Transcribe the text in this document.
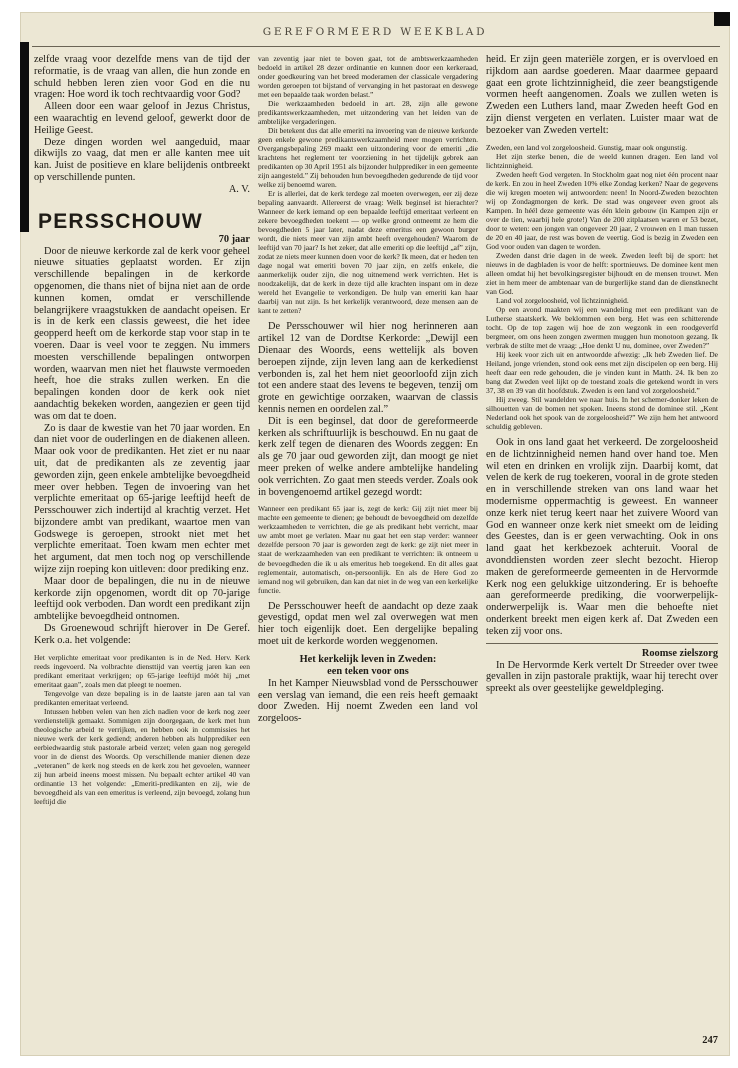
GEREFORMEERD WEEKBLAD

zelfde vraag voor dezelfde mens van de tijd der reformatie, is de vraag van allen, die hun zonde en schuld hebben leren zien voor God en die nu vragen: Hoe word ik toch rechtvaardig voor God?

Alleen door een waar geloof in Jezus Christus, een waarachtig en levend geloof, gewerkt door de Heilige Geest.

Deze dingen worden wel aangeduid, maar dikwijls zo vaag, dat men er alle kanten mee uit kan. Juist de positieve en klare belijdenis ontbreekt op verschillende punten.

A. V.
PERSSCHOUW
70 jaar

Door de nieuwe kerkorde zal de kerk voor geheel nieuwe situaties geplaatst worden. Er zijn verschillende bepalingen in de kerkorde opgenomen, die thans niet of bijna niet aan de orde kunnen komen, omdat er verschillende belangrijkere vraagstukken de aandacht opeisen. Er is in de kerk een classis geweest, die het idee geopperd heeft om de kerkorde stap voor stap in te voeren. Daar is veel voor te zeggen. Nu immers moesten verschillende bepalingen ontworpen worden, waarvan men niet het flauwste vermoeden heeft, hoe die straks zullen werken. En die bepalingen konden door de kerk ook niet aandachtig bekeken worden, aangezien er geen tijd was om dat te doen.

Zo is daar de kwestie van het 70 jaar worden. En dan niet voor de ouderlingen en de diakenen alleen. Maar ook voor de predikanten. Het ziet er nu naar uit, dat de predikanten als ze zeventig jaar geworden zijn, geen enkele ambtelijke bevoegdheid meer over hebben. Tegen de invoering van het verplichte emeritaat op 65-jarige leeftijd heeft de Persschouwer zich indertijd al krachtig verzet. Het bijzondere ambt van predikant, waartoe men van Godswege is geroepen, strookt niet met het verplichte emeritaat. Toen kwam men echter met het argument, dat men toch nog op verschillende wijze zijn roeping kon uitleven: door prediking enz.

Maar door de bepalingen, die nu in de nieuwe kerkorde zijn opgenomen, wordt dit op 70-jarige leeftijd ook verboden. Dan wordt een predikant zijn ambtelijke bevoegdheid ontnomen.

Ds Groenewoud schrijft hierover in De Geref. Kerk o.a. het volgende:

Het verplichte emeritaat voor predikanten is in de Ned. Herv. Kerk reeds ingevoerd. Na volbrachte diensttijd van veertig jaren kan een predikant emeritaat verkrijgen; op 65-jarige leeftijd móét hij „met emeritaat gaan”, zoals men dat pleegt te noemen.

Tengevolge van deze bepaling is in de laatste jaren aan tal van predikanten emeritaat verleend.

Intussen hebben velen van hen zich nadien voor de kerk nog zeer verdienstelijk gemaakt. Sommigen zijn doorgegaan, de kerk met hun theologische arbeid te verrijken, en hebben ook in commissies het nieuwe werk der kerk gediend; anderen hebben als hulpprediker een eerbiedwaardig stuk pastorale arbeid verzet; velen gaan nog geregeld voor in de dienst des Woords. Op verschillende manier dienen deze „veteranen” de kerk nog steeds en de kerk zou het gevoelen, wanneer zij hun arbeid ineens moest missen. Nu bepaalt echter artikel 40 van ordinantie 13 het volgende: „Emeriti-predikanten en zij, wie de bevoegdheid als van een emeritus is verleend, zijn bevoegd, zolang hun leeftijd die

van zeventig jaar niet te boven gaat, tot de ambtswerkzaamheden bedoeld in artikel 28 dezer ordinantie en kunnen door een kerkeraad, onder goedkeuring van het breed moderamen der classicale vergadering worden geroepen tot bijstand of vervanging in het pastoraat en deswege met een bepaalde taak worden belast.”

Die werkzaamheden bedoeld in art. 28, zijn alle gewone predikantswerkzaamheden, met uitzondering van het leiden van de ambtelijke vergaderingen.

Dit betekent dus dat alle emeriti na invoering van de nieuwe kerkorde geen enkele gewone predikantswerkzaamheid meer mogen verrichten. Overgangsbepaling 269 maakt een uitzondering voor de emeriti „die krachtens het reglement ter voorziening in het tijdelijk gebrek aan predikanten op 30 April 1951 als bijzonder hulpprediker in een gemeente zijn aangesteld.” Zij behouden hun bevoegdheden gedurende de tijd voor welke zij benoemd waren.

Er is allerlei, dat de kerk terdege zal moeten overwegen, eer zij deze bepaling aanvaardt. Allereerst de vraag: Welk beginsel ist hierachter? Wanneer de kerk iemand op een bepaalde leeftijd emeritaat verleent en zekere bevoegdheden toekent — op welke grond ontneemt ze hem die bevoegdheden 5 jaar later, nadat deze emeritus een gewoon burger wordt, die niets meer van zijn ambt heeft overgehouden? Waarom de leeftijd van 70 jaar? Is het zeker, dat alle emeriti op die leeftijd „af” zijn, zodat ze niets meer kunnen doen voor de kerk? Ik meen, dat er heden ten dage nogal wat emeriti boven 70 jaar zijn, en zelfs enkele, die aanmerkelijk ouder zijn, die nog uitnemend werk verrichten. Het is noodzakelijk, dat de kerk in deze tijd alle krachten inspant om in deze wereld het Evangelie te verkondigen. De hulp van emeriti kan haar daarbij van nut zijn. Is het kerkelijk verantwoord, deze mensen aan de kant te zetten?

De Persschouwer wil hier nog herinneren aan artikel 12 van de Dordtse Kerkorde: „Dewijl een Dienaar des Woords, eens wettelijk als boven beroepen zijnde, zijn leven lang aan de kerkedienst verbonden is, zal het hem niet geoorloofd zijn zich tot een andere staat des levens te begeven, tenzij om grote en gewichtige oorzaken, waarvan de classis kennis nemen en oordelen zal.”

Dit is een beginsel, dat door de gereformeerde kerken als schriftuurlijk is beschouwd. En nu gaat de kerk zelf tegen de dienaren des Woords zeggen: En als ge 70 jaar oud geworden zijt, dan moogt ge niet meer preken of welke andere ambtelijke handeling ook verrichten. Zo gaat men steeds verder. Zoals ook in bovengenoemd artikel gezegd wordt:

Wanneer een predikant 65 jaar is, zegt de kerk: Gij zijt niet meer bij machte een gemeente te dienen; ge behoudt de bevoegdheid om dezelfde werkzaamheden te verrichten, die ge als predikant hebt verricht, maar uw ambt moet ge verlaten. Maar nu gaat het een stap verder: wanneer dezelfde persoon 70 jaar is geworden zegt de kerk: ge zijt niet meer in staat de werkzaamheden van een predikant te verrichten: ik ontneem u de bevoegdheden die ik u als emeritus heb toegekend. En dit alles gaat reglementair, automatisch, on-persoonlijk. En als de Here God zo iemand nog wil gebruiken, dan kan dat niet in de weg van een kerkelijke functie.

De Persschouwer heeft de aandacht op deze zaak gevestigd, opdat men wel zal overwegen wat men hier toch eigenlijk doet. Een dergelijke bepaling moet uit de kerkorde worden weggenomen.

Het kerkelijk leven in Zweden:
een teken voor ons

In het Kamper Nieuwsblad vond de Persschouwer een verslag van iemand, die een reis heeft gemaakt door Zweden. Hij noemt Zweden een land vol zorgeloos-

heid. Er zijn geen materiële zorgen, er is overvloed en rijkdom aan aardse goederen. Maar daarmee gepaard gaat een grote lichtzinnigheid, die zeer beangstigende vormen heeft aangenomen. Zoals we zullen weten is Zweden een Luthers land, maar Zweden heeft God en zijn dienst vergeten en verlaten. Luister maar wat de bezoeker van Zweden vertelt:

Zweden, een land vol zorgeloosheid. Gunstig, maar ook ongunstig.

Het zijn sterke benen, die de weeld kunnen dragen. Een land vol lichtzinnigheid.

Zweden heeft God vergeten. In Stockholm gaat nog niet één procent naar de kerk. En zou in heel Zweden 10% elke Zondag kerken? Naar de gegevens die wij kregen moeten wij antwoorden: neen! In Noord-Zweden bezochten wij op Zondagmorgen de kerk. De stad was ongeveer even groot als Kampen. In héél deze gemeente was één klein gebouw (in Kampen zijn er over de tien, waarbij hele grote!) Van de 200 zitplaatsen waren er 53 bezet, door te weten: een jongen van ongeveer 20 jaar, 2 vrouwen en 1 man tussen de 20 en 40 jaar, de rest was boven de veertig. God is bezig in Zweden een God voor ouden van dagen te worden.

Zweden danst drie dagen in de week. Zweden leeft bij de sport: het nieuws in de dagbladen is voor de helft: sportnieuws. De dominee kent men alleen omdat hij het bevolkingsregister bijhoudt en de mensen trouwt. Men ziet in hem meer de ambtenaar van de burgerlijke stand dan de dienstknecht van God.

Land vol zorgeloosheid, vol lichtzinnigheid.

Op een avond maakten wij een wandeling met een predikant van de Lutherse staatskerk. We beklommen een berg. Het was een schitterende tocht. Op de top zagen wij hoe de zon wegzonk in een roodgeverfd bergmeer, om ons heen zongen zwermen muggen hun monotoon gezang. Ik verbrak de stilte met de vraag: „Hoe denkt U nu, dominee, over Zweden?”

Hij keek voor zich uit en antwoordde afwezig: „Ik heb Zweden lief. De Heiland, jonge vrienden, stond ook eens met zijn discipelen op een berg. Hij heeft daar een rede gehouden, die je vinden kunt in Matth. 24. Ik ben zo bang dat Zweden veel lijkt op de toestand zoals die getekend wordt in vers 37, 38 en 39 van dit hoofdstuk. Zweden is een land vol zorgeloosheid.”

Hij zweeg. Stil wandelden we naar huis. In het schemer-donker leken de silhouetten van de bomen net spoken. Ineens stond de dominee stil. „Kent Nederland ook het spook van de zorgeloosheid?” We zijn hem het antwoord schuldig gebleven.

Ook in ons land gaat het verkeerd. De zorgeloosheid en de lichtzinnigheid nemen hand over hand toe. Men wil eten en drinken en vrolijk zijn. Daarbij komt, dat velen de kerk de rug toekeren, vooral in de grote steden en in verschillende streken van ons land waar het modernisme oppermachtig is geweest. En wanneer onze kerk niet terug keert naar het zuivere Woord van God en wanneer onze kerk niet smeekt om de leiding des Geestes, dan is er geen verwachting. Ook in ons land gaat het kerkbezoek achteruit. Vooral de avonddiensten worden zeer slecht bezocht. Hierop maken de gereformeerde gemeenten in de Hervormde Kerk nog een gelukkige uitzondering. Er is behoefte aan gereformeerde prediking, die voorwerpelijk-onderwerpelijk is. Waar men die behoefte niet onderkent breekt men eigen kerk af. Dat Zweden een teken zij voor ons.

Roomse zielszorg

In De Hervormde Kerk vertelt Dr Streeder over twee gevallen in zijn pastorale praktijk, waar hij terecht over spreekt als over geestelijke geweldpleging.

247
